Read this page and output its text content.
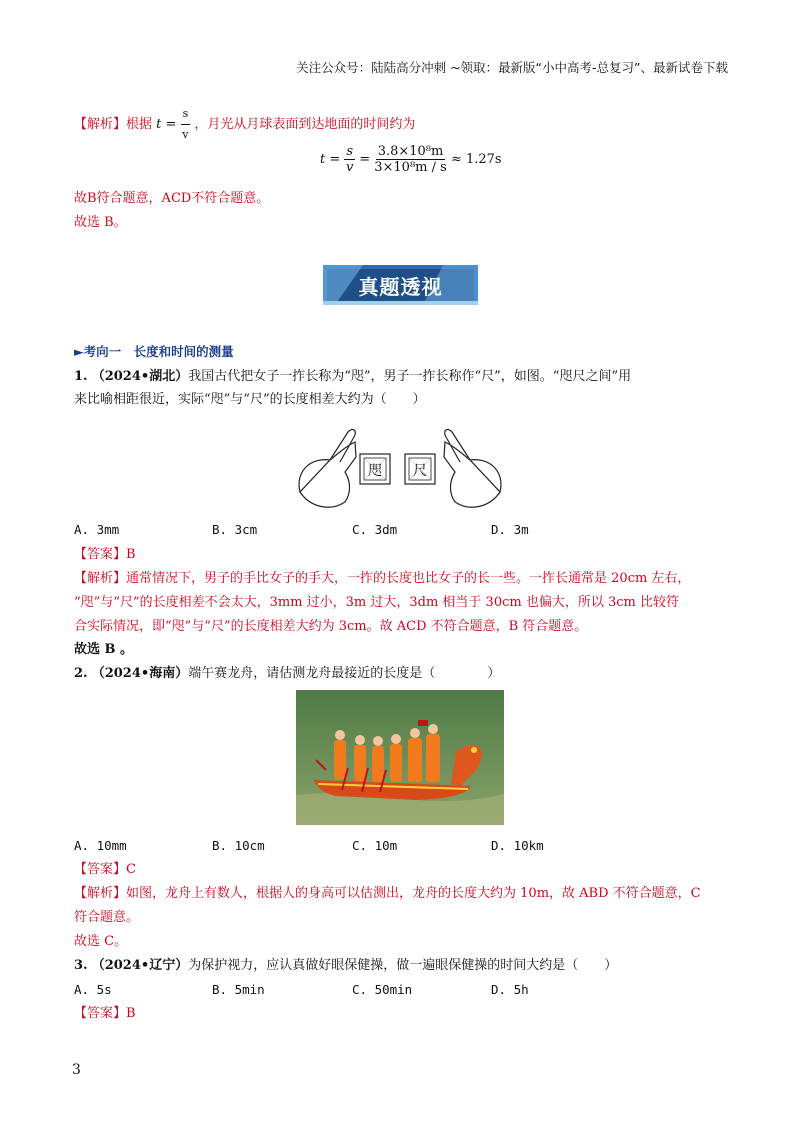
关注公众号：陆陆高分冲刺 ~领取：最新版“小中高考-总复习”、最新试卷下载
【解析】根据 $t = \frac{s}{v}$ ，月光从月球表面到达地面的时间约为
$t = \frac{s}{v} = \frac{\text{3.8×10⁸m}}{\text{3×10⁸m / s}} \approx 1.27s$
故B符合题意，ACD不符合题意。
故选 B。
真题透视
►考向一　长度和时间的测量
1. （2024•湖北）我国古代把女子一拃长称为“咫”，男子一拃长称作“尺”，如图。“咫尺之间”用
来比喻相距很近，实际“咫”与“尺”的长度相差大约为（　　）
咫 尺
A. 3mm	B. 3cm	C. 3dm	D. 3m
【答案】B
【解析】通常情况下，男子的手比女子的手大，一拃的长度也比女子的长一些。一拃长通常是 20cm 左右，
“咫”与“尺”的长度相差不会太大，3mm 过小，3m 过大，3dm 相当于 30cm 也偏大，所以 3cm 比较符
合实际情况，即“咫”与“尺”的长度相差大约为 3cm。故 ACD 不符合题意，B 符合题意。
故选 B 。
2. （2024•海南）端午赛龙舟，请估测龙舟最接近的长度是（　　　　）
A. 10mm	B. 10cm	C. 10m	D. 10km
【答案】C
【解析】如图，龙舟上有数人，根据人的身高可以估测出，龙舟的长度大约为 10m，故 ABD 不符合题意，C
符合题意。
故选 C。
3. （2024•辽宁）为保护视力，应认真做好眼保健操，做一遍眼保健操的时间大约是（　　）
A. 5s	B. 5min	C. 50min	D. 5h
【答案】B
3
